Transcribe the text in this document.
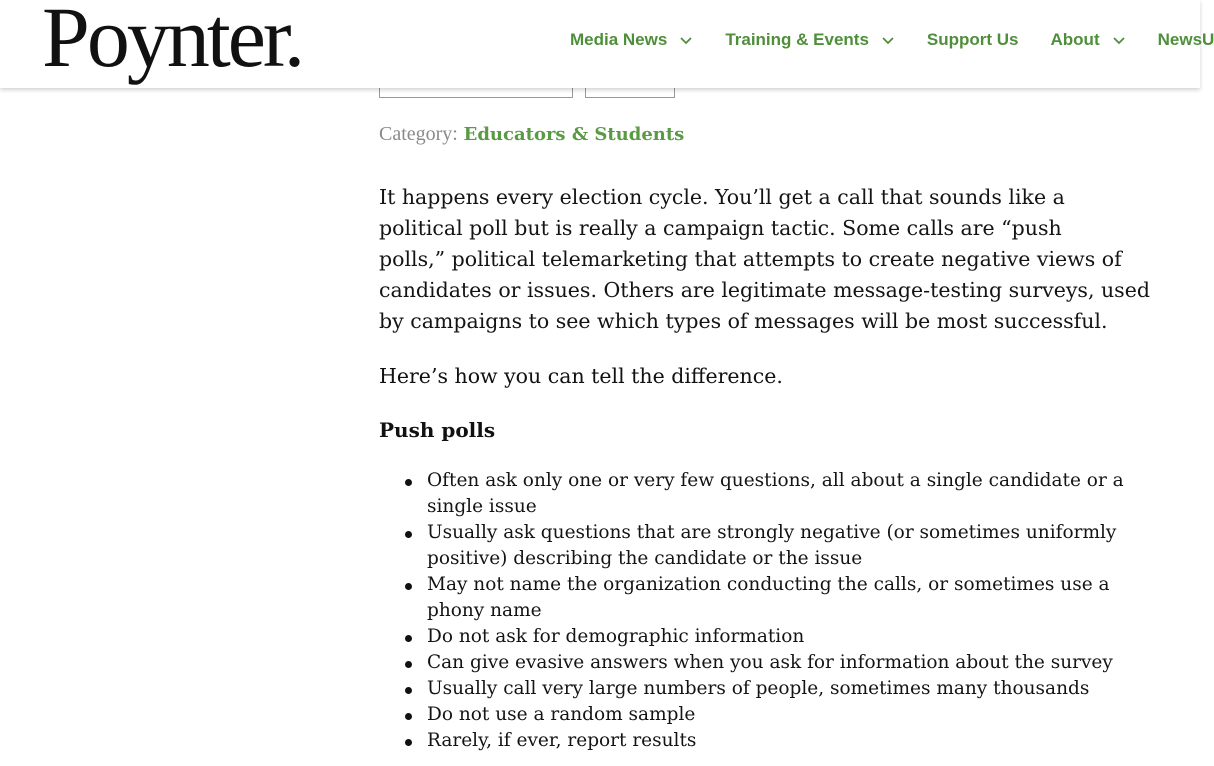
Poynter.	Media News	Training & Events	Support Us About	NewsU
Category: Educators & Students

It happens every election cycle. You’ll get a call that sounds like a
political poll but is really a campaign tactic. Some calls are “push
polls,” political telemarketing that attempts to create negative views of
candidates or issues. Others are legitimate message-testing surveys, used
by campaigns to see which types of messages will be most successful.

Here’s how you can tell the difference.

Push polls
Often ask only one or very few questions, all about a single candidate or a
single issue
Usually ask questions that are strongly negative (or sometimes uniformly
positive) describing the candidate or the issue
May not name the organization conducting the calls, or sometimes use a
phony name
Do not ask for demographic information
Can give evasive answers when you ask for information about the survey
Usually call very large numbers of people, sometimes many thousands
Do not use a random sample
Rarely, if ever, report results
